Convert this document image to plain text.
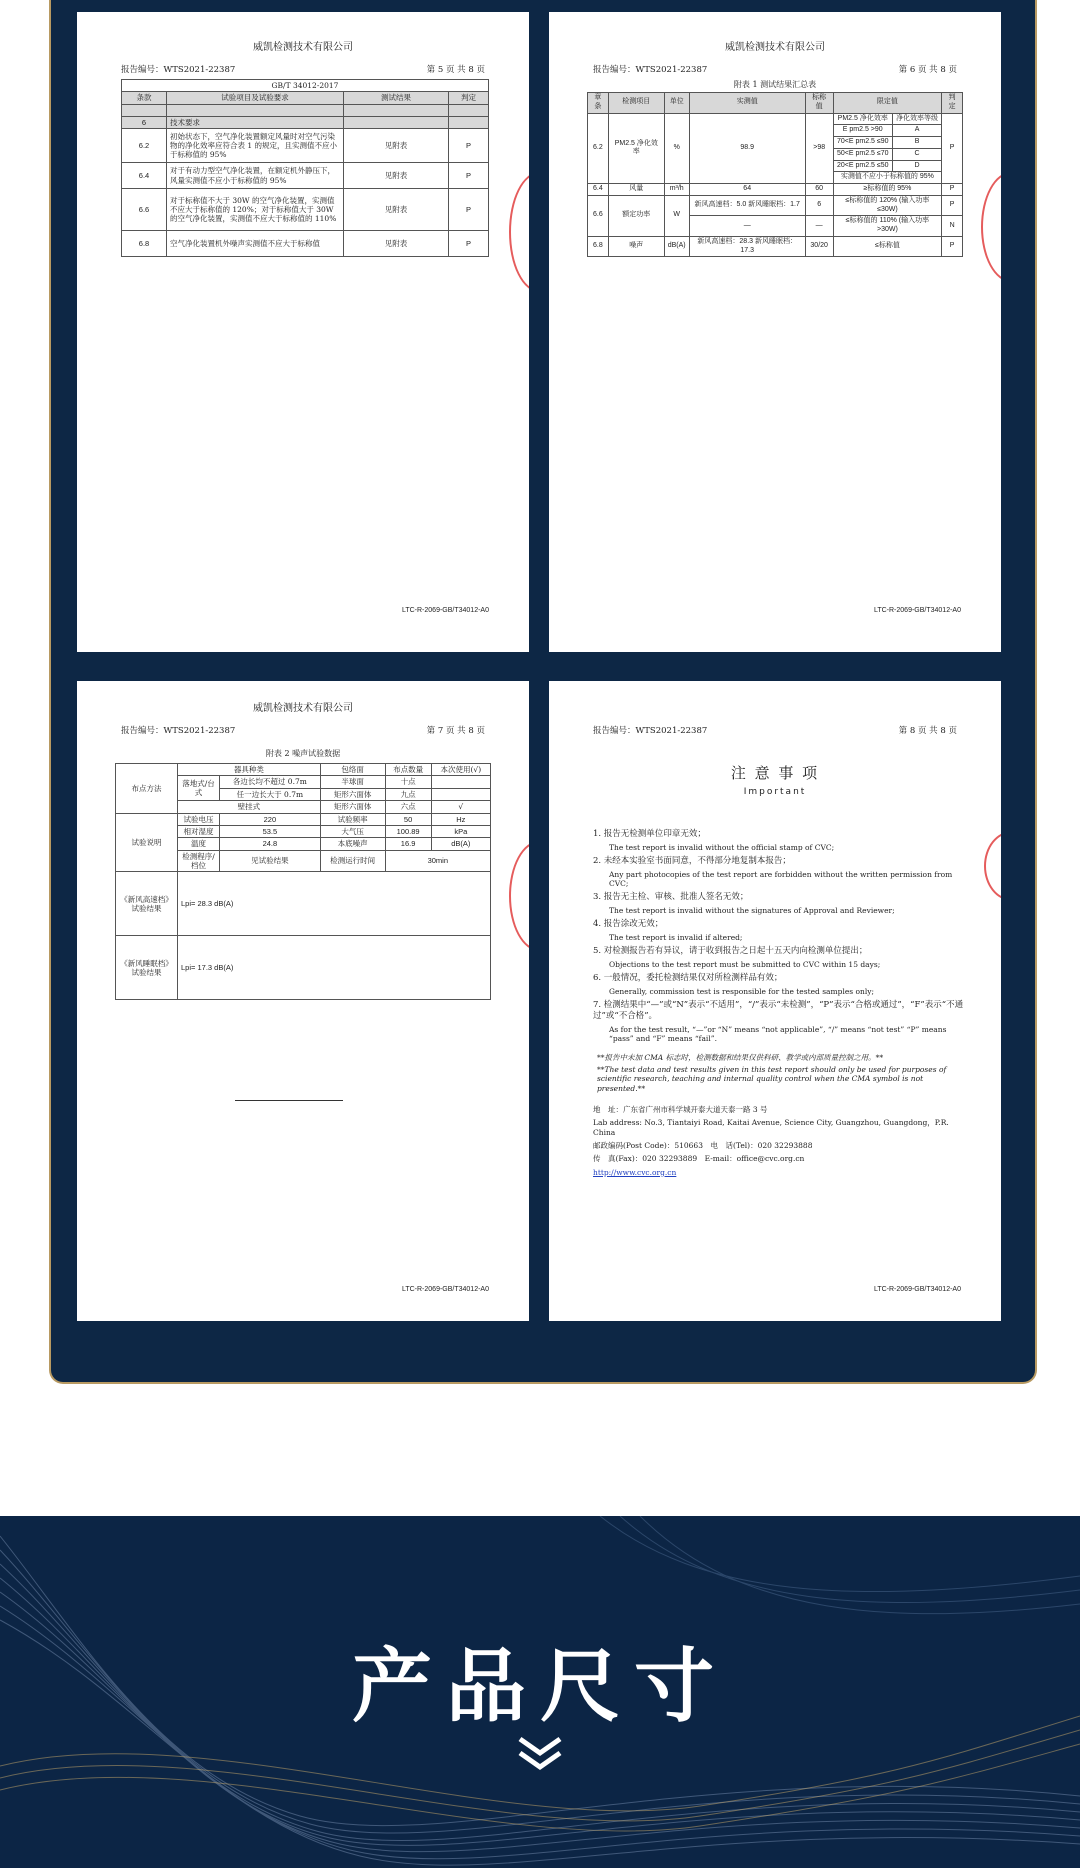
威凯检测技术有限公司
报告编号：WTS2021-22387	第 5 页 共 8 页
GB/T 34012-2017			
条款	试验项目及试验要求	测试结果	判定

6	技术要求		
6.2	初始状态下，空气净化装置额定风量时对空气污染物的净化效率应符合表 1 的规定，且实测值不应小于标称值的 95%	见附表	P
6.4	对于有动力型空气净化装置，在额定机外静压下，风量实测值不应小于标称值的 95%	见附表	P
6.6	对于标称值不大于 30W 的空气净化装置，实测值不应大于标称值的 120%；对于标称值大于 30W 的空气净化装置，实测值不应大于标称值的 110%	见附表	P
6.8	空气净化装置机外噪声实测值不应大于标称值	见附表	P
LTC-R-2069-GB/T34012-A0
威凯检测技术有限公司
报告编号：WTS2021-22387	第 6 页 共 8 页
附表 1 测试结果汇总表
章条	检测项目	单位	实测值	标称值	限定值		判定
6.2	PM2.5 净化效率	%	98.9	>98	PM2.5 净化效率	净化效率等级	P
					E pm2.5 >90	A	
					70<E pm2.5 ≤90	B	
					50<E pm2.5 ≤70	C	
					20<E pm2.5 ≤50	D	
					实测值不应小于标称值的 95%		
6.4	风量	m³/h	64	60	≥标称值的 95%		P
6.6	额定功率	W	新风高速档：5.0 新风睡眠档：1.7	6	≤标称值的 120% (输入功率≤30W)		P
			—	—	≤标称值的 110% (输入功率>30W)		N
6.8	噪声	dB(A)	新风高速档：28.3 新风睡眠档：17.3	30/20	≤标称值		P
LTC-R-2069-GB/T34012-A0
威凯检测技术有限公司
报告编号：WTS2021-22387	第 7 页 共 8 页
附表 2 噪声试验数据
布点方法	器具种类		包络面	布点数量	本次使用(√)
	落地式/台式	各边长均不超过 0.7m	半球面	十点	
		任一边长大于 0.7m	矩形六面体	九点	
	壁挂式		矩形六面体	六点	√
试验说明	试验电压	220	试验频率	50	Hz
	相对湿度	53.5	大气压	100.89	kPa
	温度	24.8	本底噪声	16.9	dB(A)
	检测程序/档位	见试验结果	检测运行时间	30min	
《新风高速档》试验结果	Lpi= 28.3 dB(A)				
《新风睡眠档》试验结果	Lpi= 17.3 dB(A)				
LTC-R-2069-GB/T34012-A0
报告编号：WTS2021-22387	第 8 页 共 8 页
注 意 事 项
Important
1. 报告无检测单位印章无效；
The test report is invalid without the official stamp of CVC;
2. 未经本实验室书面同意，不得部分地复制本报告；
Any part photocopies of the test report are forbidden without the written permission from CVC;
3. 报告无主检、审核、批准人签名无效；
The test report is invalid without the signatures of Approval and Reviewer;
4. 报告涂改无效；
The test report is invalid if altered;
5. 对检测报告若有异议，请于收到报告之日起十五天内向检测单位提出；
Objections to the test report must be submitted to CVC within 15 days;
6. 一般情况，委托检测结果仅对所检测样品有效；
Generally, commission test is responsible for the tested samples only;
7. 检测结果中“—”或“N”表示“不适用”，“/”表示“未检测”，“P”表示“合格或通过”，“F”表示“不通过”或“不合格”。
As for the test result, “—”or “N” means “not applicable”, “/” means “not test” “P” means “pass” and “F” means “fail”.
**报告中未加 CMA 标志时，检测数据和结果仅供科研、教学或内部质量控制之用。**
**The test data and test results given in this test report should only be used for purposes of scientific research, teaching and internal quality control when the CMA symbol is not presented.**
地　址：广东省广州市科学城开泰大道天泰一路 3 号
Lab address: No.3, Tiantaiyi Road, Kaitai Avenue, Science City, Guangzhou, Guangdong，P.R. China
邮政编码(Post Code)：510663　电　话(Tel)：020 32293888
传　真(Fax)：020 32293889　E-mail：office@cvc.org.cn
http://www.cvc.org.cn
LTC-R-2069-GB/T34012-A0
产品尺寸
